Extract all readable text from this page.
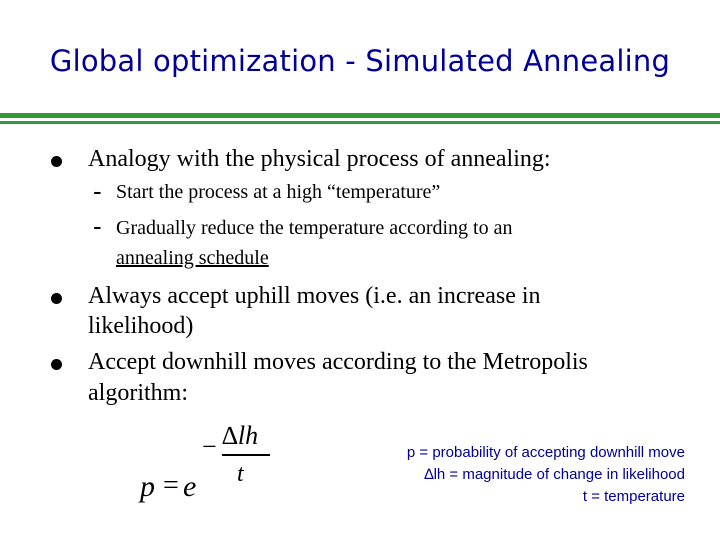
Global optimization - Simulated Annealing
Analogy with the physical process of annealing:
- Start the process at a high “temperature”
- Gradually reduce the temperature according to an
annealing schedule
Always accept uphill moves (i.e. an increase in
likelihood)
Accept downhill moves according to the Metropolis
algorithm:
p = e
− ∆lh
t
p = probability of accepting downhill move
∆lh = magnitude of change in likelihood
t = temperature
